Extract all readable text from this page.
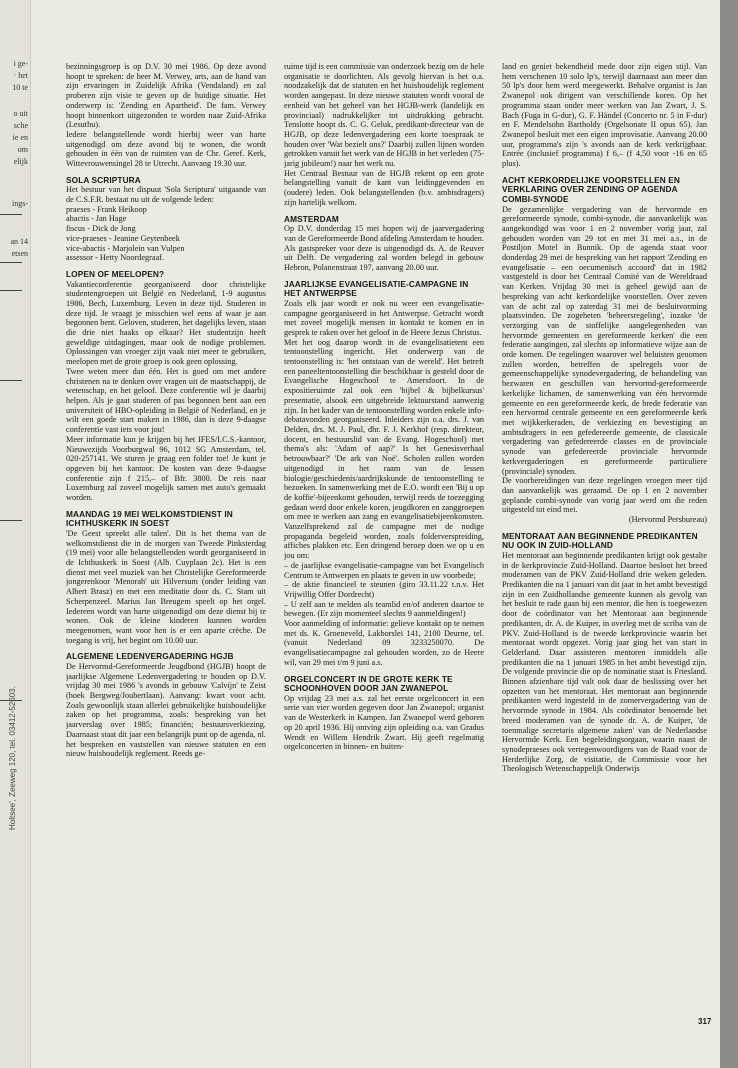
Holtsee', Zeeweg 120, tel. 03412-52603.
i ge-
· het
10 te
o uit
sche
ie en
om
elijk
ings-
an 14
etsen

bezinningsgroep is op D.V. 30 mei 1986. Op deze avond hoopt te spreken: de heer M. Verwey, arts, aan de hand van zijn ervaringen in Zuidelijk Afrika (Vendaland) en zal proberen zijn visie te geven op de huidige situatie. Het onderwerp is: 'Zending en Apartheid'. De fam. Verwey hoopt binnenkort uitgezonden te worden naar Zuid-Afrika (Lesuthu).

Iedere belangstellende wordt hierbij weer van harte uitgenodigd om deze avond bij te wonen, die wordt gehouden in één van de ruimten van de Chr. Geref. Kerk, Wittevrouwensingel 28 te Utrecht. Aanvang 19.30 uur.

SOLA SCRIPTURA

Het bestuur van het dispuut 'Sola Scriptura' uitgaande van de C.S.F.R. bestaat nu uit de volgende leden:

praeses - Frank Heikoop

abactis - Jan Hage

fiscus - Dick de Jong

vice-praeses - Jeanine Geytenbeek

vice-abactis - Marjolein van Vulpen

assessor - Hetty Noordegraaf.

LOPEN OF MEELOPEN?

Vakantieconferentie georganiseerd door christelijke studentengroepen uit België en Nederland, 1-9 augustus 1986, Bech, Luxemburg. Leven in deze tijd. Studeren in deze tijd. Je vraagt je misschien wel eens af waar je aan begonnen bent. Geloven, studeren, het dagelijks leven, staan die drie niet haaks op elkaar? Het studentzijn heeft geweldige uitdagingen, maar ook de nodige problemen. Oplossingen van vroeger zijn vaak niet meer te gebruiken, meelopen met de grote groep is ook geen oplossing.

Twee weten meer dan één. Het is goed om met andere christenen na te denken over vragen uit de maatschappij, de wetenschap, en het geloof. Deze conferentie wil je daarbij helpen. Als je gaat studeren of pas begonnen bent aan een universiteit of HBO-opleiding in België of Nederland, en je wilt een goede start maken in 1986, dan is deze 9-daagse conferentie vast iets voor jou!

Meer informatie kun je krijgen bij het IFES/I.C.S.-kantoor, Nieuwezijds Voorburgwal 96, 1012 SG Amsterdam, tel. 020-257141. We sturen je graag een folder toe! Je kunt je opgeven bij het kantoor. De kosten van deze 9-daagse conferentie zijn f 215,– of Bfr. 3800. De reis naar Luxemburg zal zoveel mogelijk samen met auto's gemaakt worden.

MAANDAG 19 MEI WELKOMSTDIENST IN ICHTHUSKERK IN SOEST

'De Geest spreekt alle talen'. Dit is het thema van de welkomstdienst die in de morgen van Tweede Pinksterdag (19 mei) voor alle belangstellenden wordt georganiseerd in de Ichthuskerk in Soest (Alb. Cuyplaan 2c). Het is een dienst met veel muziek van het Christelijke Gereformeerde jongerenkoor 'Menorah' uit Hilversum (onder leiding van Albert Brasz) en met een meditatie door ds. C. Stam uit Scherpenzeel. Marius Jan Breugem speelt op het orgel. Iedereen wordt van harte uitgenodigd om deze dienst bij te wonen. Ook de kleine kinderen kunnen worden meegenomen, want voor hen is er een aparte crèche. De toegang is vrij, het begint om 10.00 uur.

ALGEMENE LEDENVERGADERING HGJB

De Hervormd-Gereformeerde Jeugdbond (HGJB) hoopt de jaarlijkse Algemene Ledenvergadering te houden op D.V. vrijdag 30 mei 1986 's avonds in gebouw 'Calvijn' te Zeist (hoek Bergweg/Joubertlaan). Aanvang: kwart voor acht. Zoals gewoonlijk staan allerlei gebruikelijke huishoudelijke zaken op het programma, zoals: bespreking van het jaarverslag over 1985; financiën; bestuursverkiezing. Daarnaast staat dit jaar een belangrijk punt op de agenda, nl. het bespreken en vaststellen van nieuwe statuten en een nieuw huishoudelijk reglement. Reeds ge-

ruime tijd is een commissie van onderzoek bezig om de hele organisatie te doorlichten. Als gevolg hiervan is het o.a. noodzakelijk dat de statuten en het huishoudelijk reglement worden aangepast. In deze nieuwe statuten wordt vooral de eenheid van het geheel van het HGJB-werk (landelijk en provinciaal) nadrukkelijker tot uitdrukking gebracht. Tenslotte hoopt ds. C. G. Geluk, predikant-directeur van de HGJB, op deze ledenvergadering een korte toespraak te houden over 'Wat bezielt ons?' Daarbij zullen lijnen worden getrokken vanuit het werk van de HGJB in het verleden (75-jarig jubileum!) naar het werk nu.

Het Centraal Bestuur van de HGJB rekent op een grote belangstelling vanuit de kant van leidinggevenden en (oudere) leden. Ook belangstellenden (b.v. ambtsdragers) zijn hartelijk welkom.

AMSTERDAM

Op D.V. donderdag 15 mei hopen wij de jaarvergadering van de Gereformeerde Bond afdeling Amsterdam te houden. Als gastspreker voor deze is uitgenodigd ds. A. de Reuver uit Delft. De vergadering zal worden belegd in gebouw Hebron, Polanenstraat 197, aanvang 20.00 uur.

JAARLIJKSE EVANGELISATIE-CAMPAGNE IN HET ANTWERPSE

Zoals elk jaar wordt er ook nu weer een evangelisatie-campagne georganiseerd in het Antwerpse. Getracht wordt met zoveel mogelijk mensen in kontakt te komen en in gesprek te raken over het geloof in de Heere Jezus Christus.

Met het oog daarop wordt in de evangelisatietent een tentoonstelling ingericht. Het onderwerp van de tentoonstelling is: 'het ontstaan van de wereld'. Het betreft een paneeltentoonstelling die beschikbaar is gesteld door de Evangelische Hogeschool te Amersfoort. In de expositieruimte zal ook een 'bijbel & bijbelkursus' presentatie, alsook een uitgebreide lektuurstand aanwezig zijn. In het kader van de tentoonstelling worden enkele info-debatavonden georganiseerd. Inleiders zijn o.a. drs. J. van Delden, drs. M. J. Paul, dhr. F. J. Kerkhof (resp. direkteur, docent, en bestuurslid van de Evang. Hogeschool) met thema's als: 'Adam of aap?' Is het Genesisverhaal betrouwbaar?' 'De ark van Noë'. Scholen zullen worden uitgenodigd in het raam van de lessen biologie/geschiedenis/aardrijkskunde de tentoonstelling te bezoeken. In samenwerking met de E.O. wordt een 'Bij u op de koffie'-bijeenkomt gehouden, terwijl reeds de toezegging gedaan werd door enkele koren, jeugdkoren en zanggroepen om mee te werken aan zang en evangelisatiebijeenkomsten. Vanzelfsprekend zal de campagne met de nodige propaganda begeleid worden, zoals folderverspreiding, affiches plakken etc. Een dringend beroep doen we op u en jou om:

– de jaarlijkse evangelisatie-campagne van het Evangelisch Centrum te Antwerpen en plaats te geven in uw voorbede;

– de aktie financieel te steunen (giro 33.11.22 t.n.v. Het Vrijwillig Offer Dordrecht)

– U zelf aan te melden als teamlid en/of anderen daartoe te bewegen. (Er zijn momenteel slechts 9 aanmeldingen!)

Voor aanmelding of informatie: gelieve kontakt op te nemen met ds. K. Groeneveld, Lakborslei 141, 2100 Deurne, tel. (vanuit Nederland 09 3233250070. De evangelisatiecampagne zal gehouden worden, zo de Heere wil, van 29 mei t/m 9 juni a.s.

ORGELCONCERT IN DE GROTE KERK TE SCHOONHOVEN DOOR JAN ZWANEPOL

Op vrijdag 23 mei a.s. zal het eerste orgelconcert in een serie van vier worden gegeven door Jan Zwanepol; organist van de Westerkerk in Kampen. Jan Zwanepol werd geboren op 20 april 1936. Hij ontving zijn opleiding o.a. van Gradus Wendt en Willem Hendrik Zwart. Hij geeft regelmatig orgelconcerten in binnen- en buiten-

land en geniet bekendheid mede door zijn eigen stijl. Van hem verschenen 10 solo lp's, terwijl daarnaast aan meer dan 50 lp's door hem werd meegewerkt. Behalve organist is Jan Zwanepol ook dirigent van verschillende koren. Op het programma staan onder meer werken van Jan Zwart, J. S. Bach (Fuga in G-dur), G. F. Händel (Concerto nr. 5 in F-dur) en F. Mendelsohn Bartholdy (Orgelsonate II opus 65). Jan Zwanepol besluit met een eigen improvisatie. Aanvang 20.00 uur, programma's zijn 's avonds aan de kerk verkrijgbaar. Entrée (inclusief programma) f 6,– (f 4,50 voor -16 en 65 plus).

ACHT KERKORDELIJKE VOORSTELLEN EN VERKLARING OVER ZENDING OP AGENDA COMBI-SYNODE

De gezamenlijke vergadering van de hervormde en gereformeerde synode, combi-synode, die aanvankelijk was aangekondigd was voor 1 en 2 november vorig jaar, zal gehouden worden van 29 tot en met 31 mei a.s., in de Postiljon Motel in Bunnik. Op de agenda staat voor donderdag 29 mei de bespreking van het rapport 'Zending en evangelisatie – een oecumenisch accoord' dat in 1982 vastgesteld is door het Centraal Comité van de Wereldraad van Kerken. Vrijdag 30 mei is geheel gewijd aan de bespreking van acht kerkordelijke voorstellen. Over zeven van de acht zal op zaterdag 31 mei de besluitvorming plaatsvinden. De zogeheten 'beheersregeling', inzake 'de verzorging van de stoffelijke aangelegenheden van hervormde gemeenten en gereformeerde kerken' die een federatie aangingen, zal slechts op informatieve wijze aan de orde komen. De regelingen waarover wel beluisten genomen zullen worden, betreffen de spelregels voor de gemeenschappelijke synodevergadering, de behandeling van bezwaren en geschillen van hervormd-gereformeerde kerkelijke lichamen, de samenwerking van één hervormde gemeente en een gereformeerde kerk, de brede federatie van een hervormd centrale gemeente en een gereformeerde kerk met wijkkerkeraden, de verkiezing en bevestiging an ambtsdragers in een gefedereerde gemeente, de classicale vergadering van gefedereerde classes en de provinciale synode van gefedereerde provinciale hervormde kerkvergaderingen en gereformeerde particuliere (provinciale) synoden.

De voorbereidingen van deze regelingen vroegen meer tijd dan aanvankelijk was geraamd. De op 1 en 2 november geplande combi-synode van vorig jaar werd om die reden uitgesteld tot eind mei.

(Hervormd Persbureau)

MENTORAAT AAN BEGINNENDE PREDIKANTEN NU OOK IN ZUID-HOLLAND

Het mentoraat aan beginnende predikanten krijgt ook gestalte in de kerkprovincie Zuid-Holland. Daartoe besloot het breed moderamen van de PKV Zuid-Holland drie weken geleden. Predikanten die na 1 januari van dit jaar in het ambt bevestigd zijn in een Zuidhollandse gemeente kunnen als gevolg van het besluit te rade gaan bij een mentor, die hen is toegewezen door de coördinator van het Mentoraat aan beginnende predikanten, dr. A. de Kuiper, in overleg met de scriba van de PKV. Zuid-Holland is de tweede kerkprovincie waarin het mentoraat wordt opgezet. Vorig jaar ging het van start in Gelderland. Daar assisteren mentoren inmiddels alle predikanten die na 1 januari 1985 in het ambt bevestigd zijn. De volgende provincie die op de nominatie staat is Friesland. Binnen afzienbare tijd valt ook daar de beslissing over het opzetten van het mentoraat. Het mentoraat aan beginnende predikanten werd ingesteld in de zomervergadering van de hervormde synode in 1984. Als coördinator benoemde het breed moderamen van de synode dr. A. de Kuiper, 'de toenmalige secretaris algemene zaken' van de Nederlandse Hervormde Kerk. Een begeleidingsorgaan, waarin naast de synodepraeses ook vertegenwoordigers van de Raad voor de Herderlijke Zorg, de visitatie, de Commissie voor het Theologisch Wetenschappelijk Onderwijs

317
